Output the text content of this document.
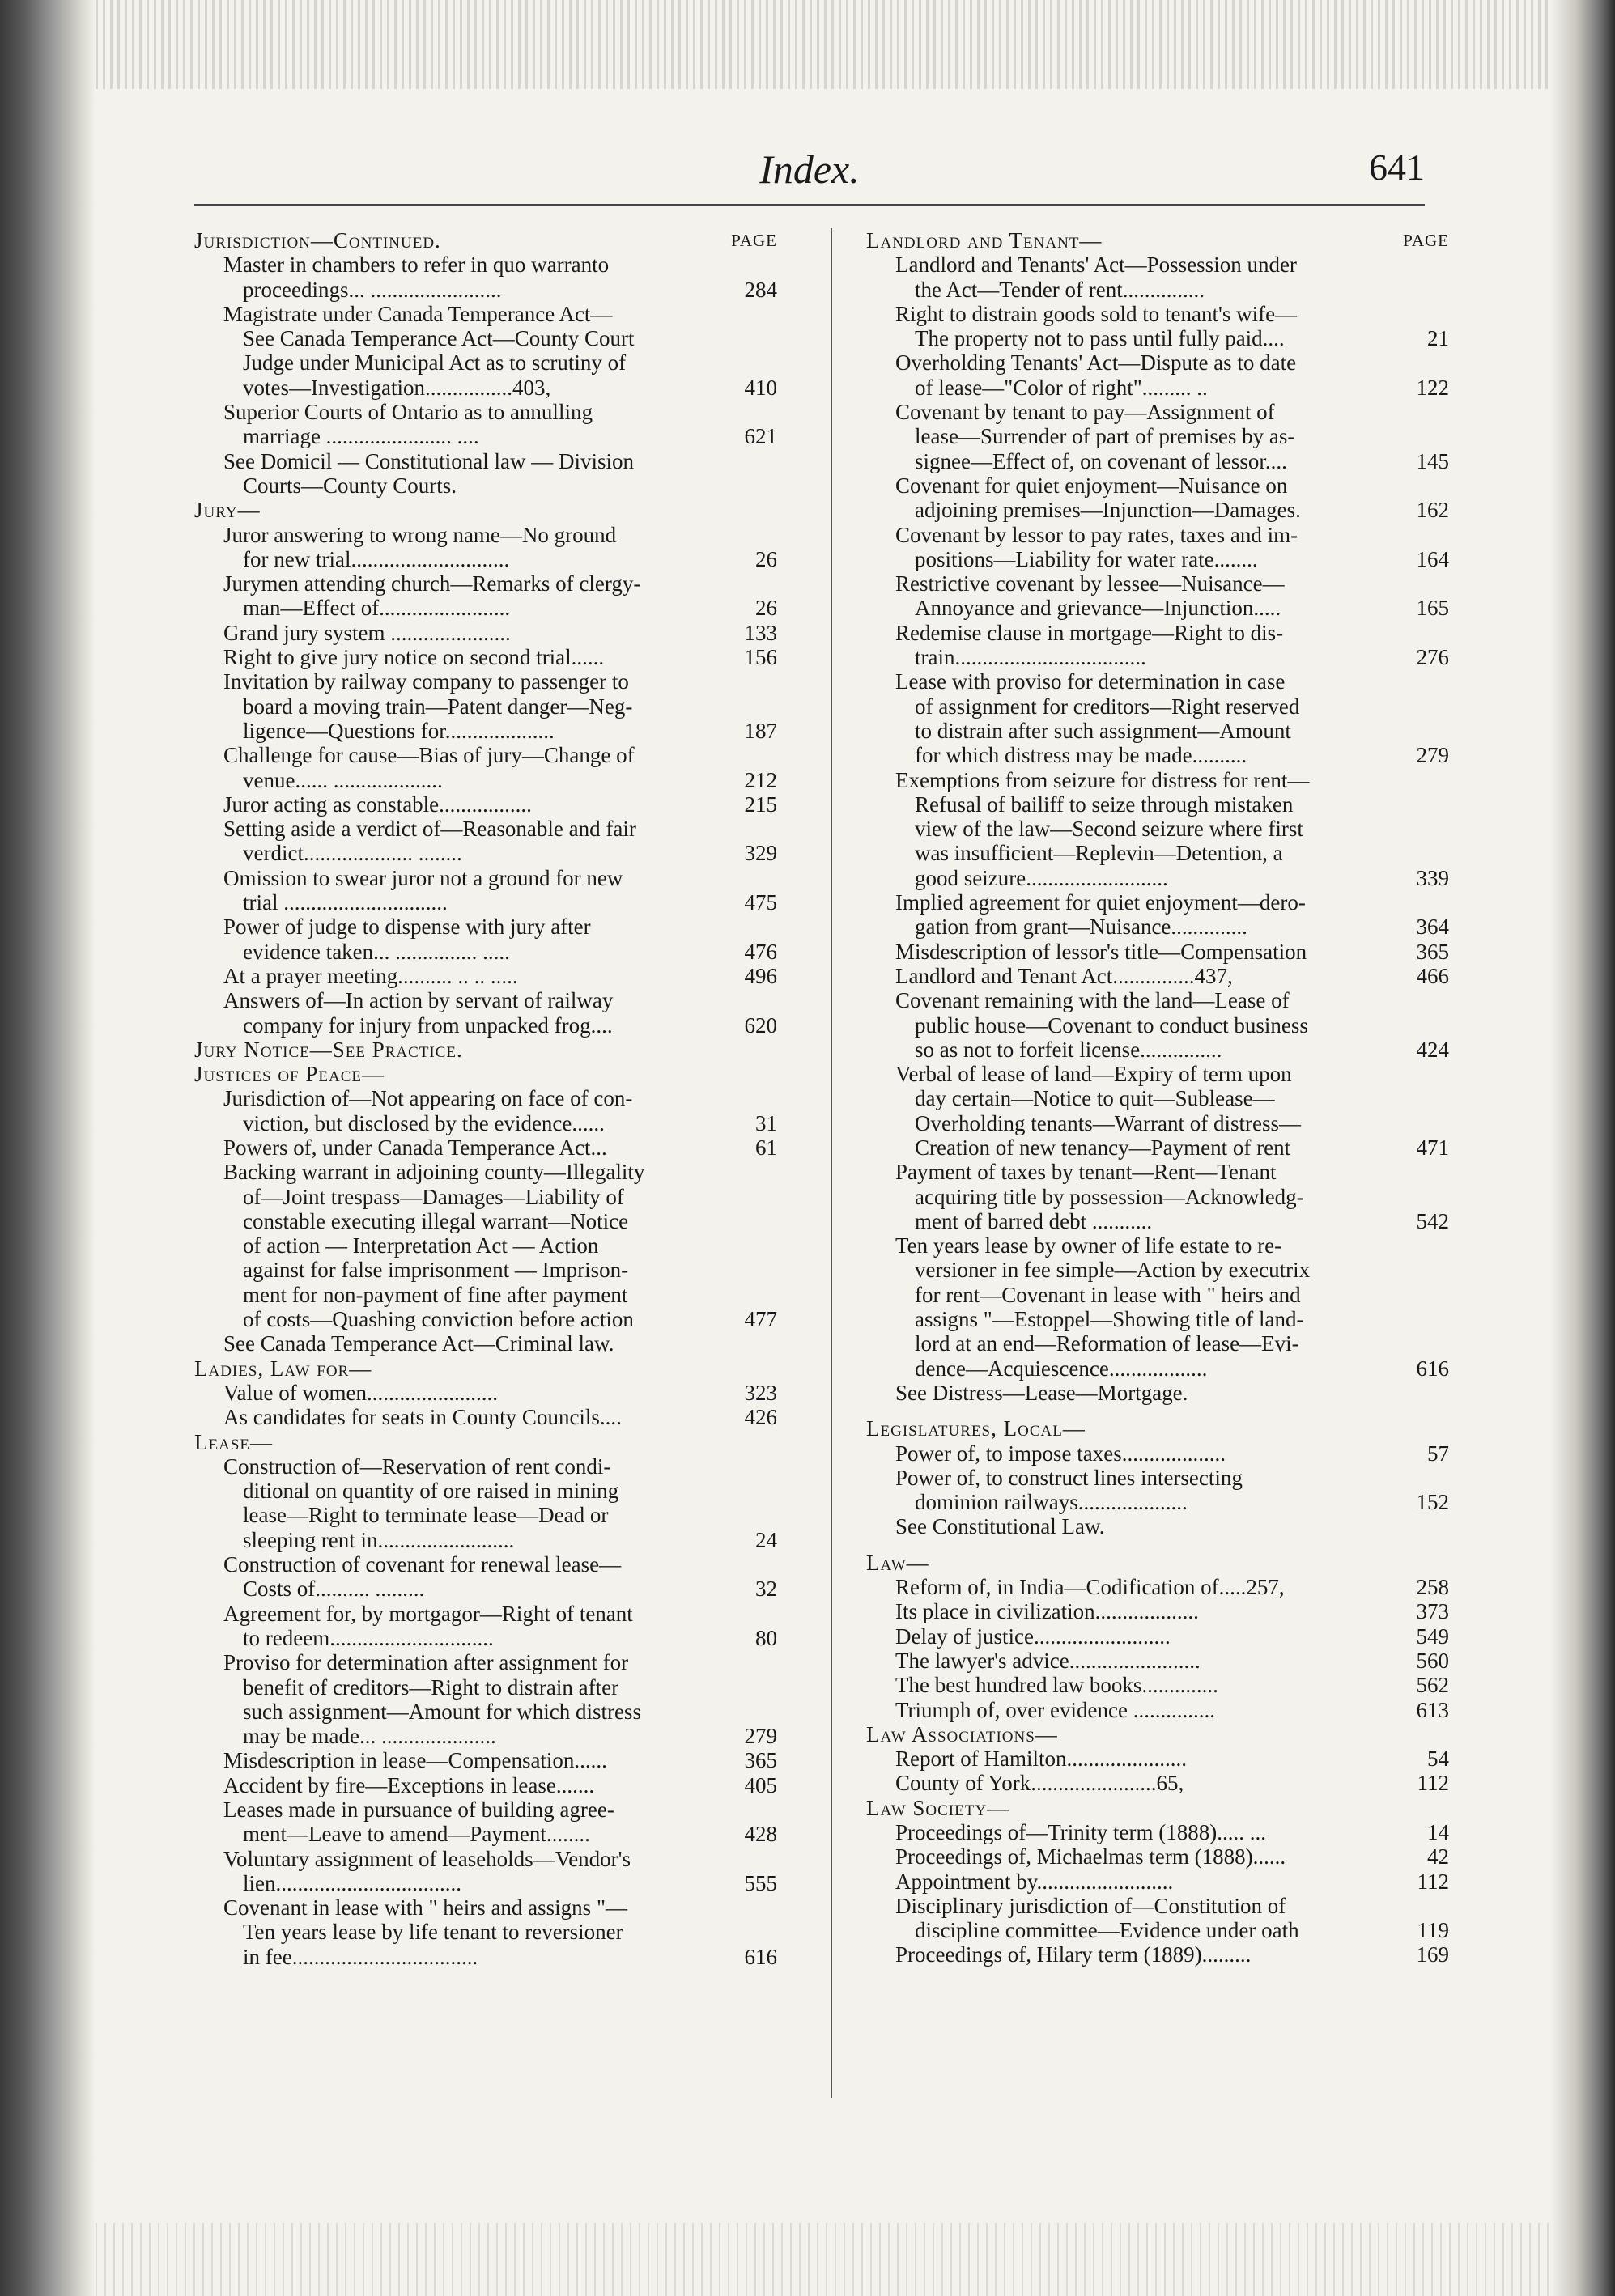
Index.	641
Jurisdiction—Continued.	PAGE
Master in chambers to refer in quo warranto
proceedings... ........................	284
Magistrate under Canada Temperance Act—
See Canada Temperance Act—County Court
Judge under Municipal Act as to scrutiny of
votes—Investigation................403,	410
Superior Courts of Ontario as to annulling
marriage ....................... ....	621
See Domicil — Constitutional law — Division
Courts—County Courts.
Jury—
Juror answering to wrong name—No ground
for new trial.............................	26
Jurymen attending church—Remarks of clergy-
man—Effect of........................	26
Grand jury system ......................	133
Right to give jury notice on second trial......	156
Invitation by railway company to passenger to
board a moving train—Patent danger—Neg-
ligence—Questions for....................	187
Challenge for cause—Bias of jury—Change of
venue...... ....................	212
Juror acting as constable.................	215
Setting aside a verdict of—Reasonable and fair
verdict.................... ........	329
Omission to swear juror not a ground for new
trial ..............................	475
Power of judge to dispense with jury after
evidence taken... ............... .....	476
At a prayer meeting.......... .. .. .....	496
Answers of—In action by servant of railway
company for injury from unpacked frog....	620
Jury Notice—See Practice.
Justices of Peace—
Jurisdiction of—Not appearing on face of con-
viction, but disclosed by the evidence......	31
Powers of, under Canada Temperance Act...	61
Backing warrant in adjoining county—Illegality
of—Joint trespass—Damages—Liability of
constable executing illegal warrant—Notice
of action — Interpretation Act — Action
against for false imprisonment — Imprison-
ment for non-payment of fine after payment
of costs—Quashing conviction before action	477
See Canada Temperance Act—Criminal law.
Ladies, Law for—
Value of women........................	323
As candidates for seats in County Councils....	426
Lease—
Construction of—Reservation of rent condi-
ditional on quantity of ore raised in mining
lease—Right to terminate lease—Dead or
sleeping rent in.........................	24
Construction of covenant for renewal lease—
Costs of.......... .........	32
Agreement for, by mortgagor—Right of tenant
to redeem..............................	80
Proviso for determination after assignment for
benefit of creditors—Right to distrain after
such assignment—Amount for which distress
may be made... .....................	279
Misdescription in lease—Compensation......	365
Accident by fire—Exceptions in lease.......	405
Leases made in pursuance of building agree-
ment—Leave to amend—Payment........	428
Voluntary assignment of leaseholds—Vendor's
lien..................................	555
Covenant in lease with " heirs and assigns "—
Ten years lease by life tenant to reversioner
in fee..................................	616
Landlord and Tenant—	PAGE
Landlord and Tenants' Act—Possession under
the Act—Tender of rent...............
Right to distrain goods sold to tenant's wife—
The property not to pass until fully paid....	21
Overholding Tenants' Act—Dispute as to date
of lease—"Color of right"......... ..	122
Covenant by tenant to pay—Assignment of
lease—Surrender of part of premises by as-
signee—Effect of, on covenant of lessor....	145
Covenant for quiet enjoyment—Nuisance on
adjoining premises—Injunction—Damages.	162
Covenant by lessor to pay rates, taxes and im-
positions—Liability for water rate........	164
Restrictive covenant by lessee—Nuisance—
Annoyance and grievance—Injunction.....	165
Redemise clause in mortgage—Right to dis-
train...................................	276
Lease with proviso for determination in case
of assignment for creditors—Right reserved
to distrain after such assignment—Amount
for which distress may be made..........	279
Exemptions from seizure for distress for rent—
Refusal of bailiff to seize through mistaken
view of the law—Second seizure where first
was insufficient—Replevin—Detention, a
good seizure..........................	339
Implied agreement for quiet enjoyment—dero-
gation from grant—Nuisance..............	364
Misdescription of lessor's title—Compensation	365
Landlord and Tenant Act...............437,	466
Covenant remaining with the land—Lease of
public house—Covenant to conduct business
so as not to forfeit license...............	424
Verbal of lease of land—Expiry of term upon
day certain—Notice to quit—Sublease—
Overholding tenants—Warrant of distress—
Creation of new tenancy—Payment of rent	471
Payment of taxes by tenant—Rent—Tenant
acquiring title by possession—Acknowledg-
ment of barred debt ...........	542
Ten years lease by owner of life estate to re-
versioner in fee simple—Action by executrix
for rent—Covenant in lease with " heirs and
assigns "—Estoppel—Showing title of land-
lord at an end—Reformation of lease—Evi-
dence—Acquiescence..................	616
See Distress—Lease—Mortgage.
Legislatures, Local—
Power of, to impose taxes...................	57
Power of, to construct lines intersecting
dominion railways....................	152
See Constitutional Law.
Law—
Reform of, in India—Codification of.....257,	258
Its place in civilization...................	373
Delay of justice.........................	549
The lawyer's advice........................	560
The best hundred law books..............	562
Triumph of, over evidence ...............	613
Law Associations—
Report of Hamilton......................	54
County of York.......................65,	112
Law Society—
Proceedings of—Trinity term (1888)..... ...	14
Proceedings of, Michaelmas term (1888)......	42
Appointment by.........................	112
Disciplinary jurisdiction of—Constitution of
discipline committee—Evidence under oath	119
Proceedings of, Hilary term (1889).........	169
